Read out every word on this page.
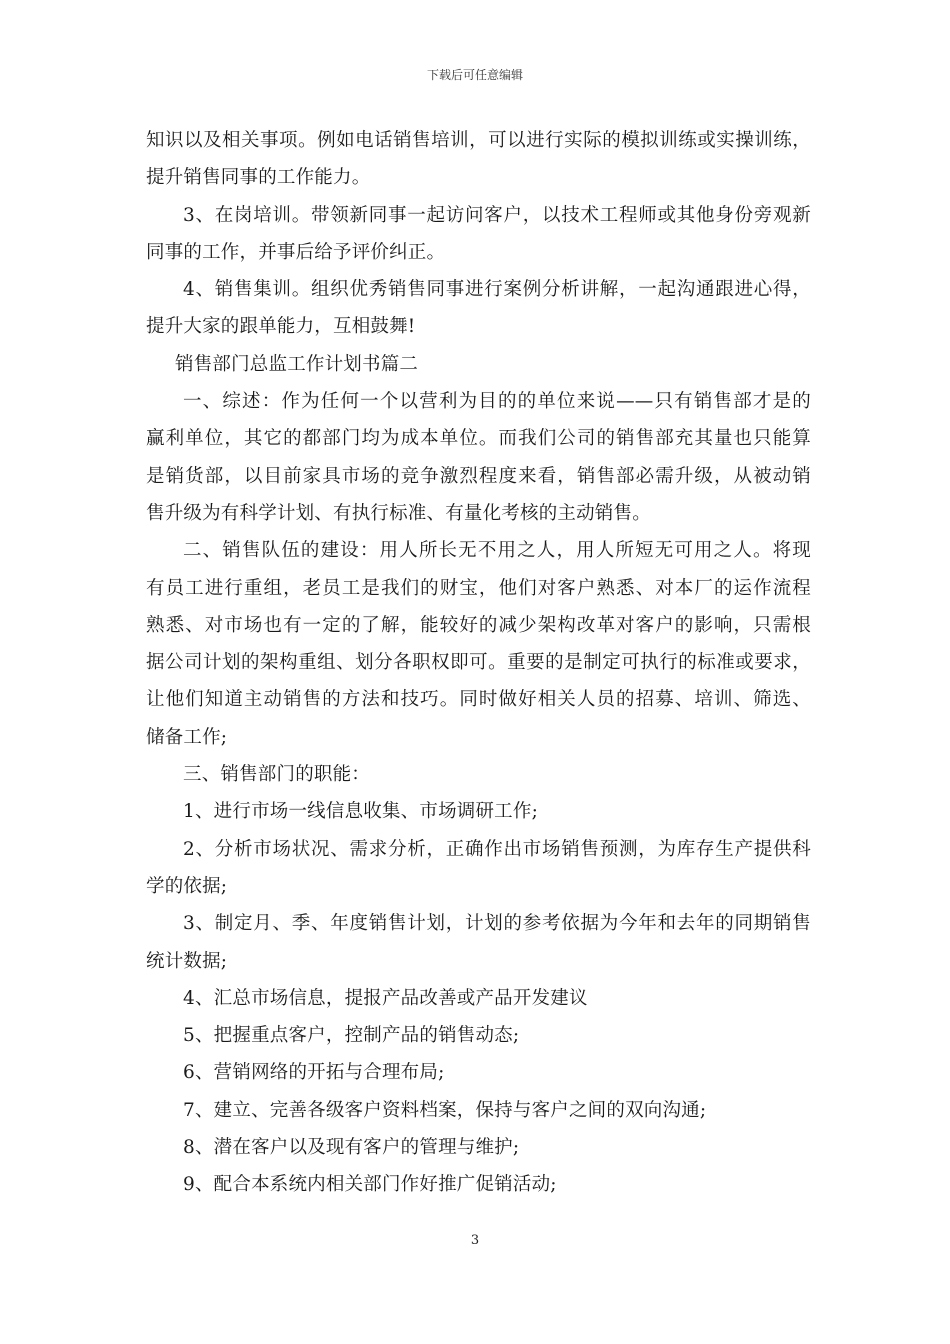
下载后可任意编辑
知识以及相关事项。例如电话销售培训，可以进行实际的模拟训练或实操训练，
提升销售同事的工作能力。
3、在岗培训。带领新同事一起访问客户，以技术工程师或其他身份旁观新
同事的工作，并事后给予评价纠正。
4、销售集训。组织优秀销售同事进行案例分析讲解，一起沟通跟进心得，
提升大家的跟单能力，互相鼓舞!
销售部门总监工作计划书篇二
一、综述：作为任何一个以营利为目的的单位来说——只有销售部才是的
赢利单位，其它的都部门均为成本单位。而我们公司的销售部充其量也只能算
是销货部，以目前家具市场的竞争激烈程度来看，销售部必需升级，从被动销
售升级为有科学计划、有执行标准、有量化考核的主动销售。
二、销售队伍的建设：用人所长无不用之人，用人所短无可用之人。将现
有员工进行重组，老员工是我们的财宝，他们对客户熟悉、对本厂的运作流程
熟悉、对市场也有一定的了解，能较好的减少架构改革对客户的影响，只需根
据公司计划的架构重组、划分各职权即可。重要的是制定可执行的标准或要求，
让他们知道主动销售的方法和技巧。同时做好相关人员的招募、培训、筛选、
储备工作;
三、销售部门的职能：
1、进行市场一线信息收集、市场调研工作;
2、分析市场状况、需求分析，正确作出市场销售预测，为库存生产提供科
学的依据;
3、制定月、季、年度销售计划，计划的参考依据为今年和去年的同期销售
统计数据;
4、汇总市场信息，提报产品改善或产品开发建议
5、把握重点客户，控制产品的销售动态;
6、营销网络的开拓与合理布局;
7、建立、完善各级客户资料档案，保持与客户之间的双向沟通;
8、潜在客户以及现有客户的管理与维护;
9、配合本系统内相关部门作好推广促销活动;
3
